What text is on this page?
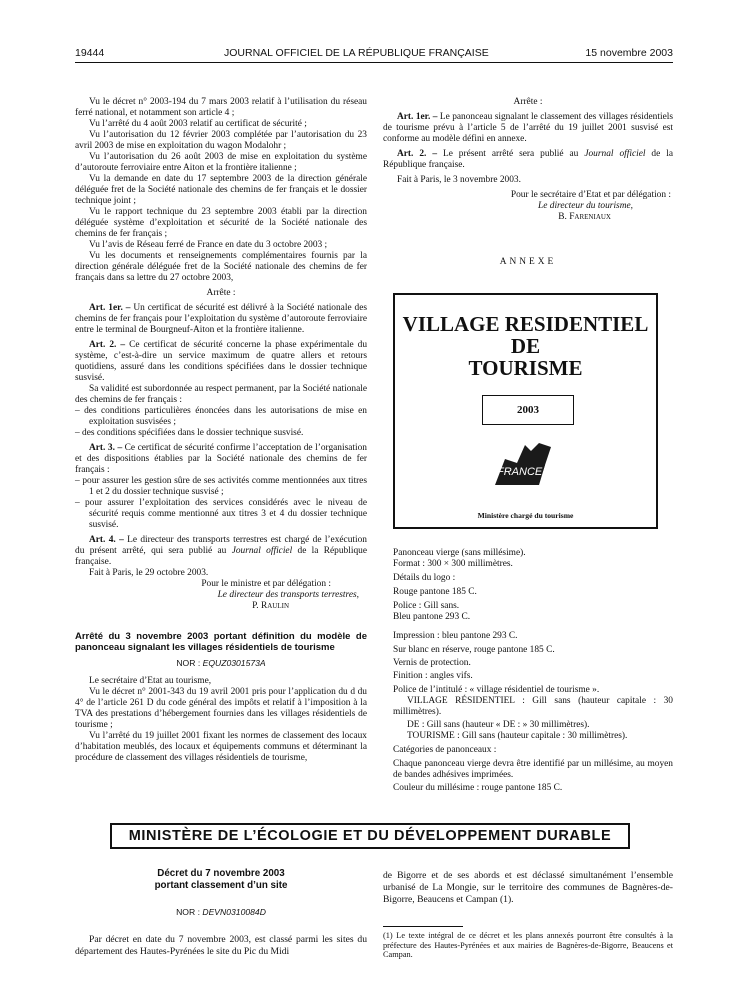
19444	JOURNAL OFFICIEL DE LA RÉPUBLIQUE FRANÇAISE	15 novembre 2003

Vu le décret n° 2003-194 du 7 mars 2003 relatif à l’utilisation du réseau ferré national, et notamment son article 4 ;

Vu l’arrêté du 4 août 2003 relatif au certificat de sécurité ;

Vu l’autorisation du 12 février 2003 complétée par l’autorisation du 23 avril 2003 de mise en exploitation du wagon Modalohr ;

Vu l’autorisation du 26 août 2003 de mise en exploitation du système d’autoroute ferroviaire entre Aiton et la frontière italienne ;

Vu la demande en date du 17 septembre 2003 de la direction générale déléguée fret de la Société nationale des chemins de fer français et le dossier technique joint ;

Vu le rapport technique du 23 septembre 2003 établi par la direction déléguée système d’exploitation et sécurité de la Société nationale des chemins de fer français ;

Vu l’avis de Réseau ferré de France en date du 3 octobre 2003 ;

Vu les documents et renseignements complémentaires fournis par la direction générale déléguée fret de la Société nationale des chemins de fer français dans sa lettre du 27 octobre 2003,

Arrête :

Art. 1er. – Un certificat de sécurité est délivré à la Société nationale des chemins de fer français pour l’exploitation du système d’autoroute ferroviaire entre le terminal de Bourgneuf-Aiton et la frontière italienne.

Art. 2. – Ce certificat de sécurité concerne la phase expérimentale du système, c’est-à-dire un service maximum de quatre allers et retours quotidiens, assuré dans les conditions spécifiées dans le dossier technique susvisé.

Sa validité est subordonnée au respect permanent, par la Société nationale des chemins de fer français :

– des conditions particulières énoncées dans les autorisations de mise en exploitation susvisées ;

– des conditions spécifiées dans le dossier technique susvisé.

Art. 3. – Ce certificat de sécurité confirme l’acceptation de l’organisation et des dispositions établies par la Société nationale des chemins de fer français :

– pour assurer les gestion sûre de ses activités comme mentionnées aux titres 1 et 2 du dossier technique susvisé ;

– pour assurer l’exploitation des services considérés avec le niveau de sécurité requis comme mentionné aux titres 3 et 4 du dossier technique susvisé.

Art. 4. – Le directeur des transports terrestres est chargé de l’exécution du présent arrêté, qui sera publié au Journal officiel de la République française.

Fait à Paris, le 29 octobre 2003.

Pour le ministre et par délégation :

Le directeur des transports terrestres,

P. Raulin

Arrêté du 3 novembre 2003 portant définition du modèle de panonceau signalant les villages résidentiels de tourisme

NOR : EQUZ0301573A

Le secrétaire d’Etat au tourisme,

Vu le décret n° 2001-343 du 19 avril 2001 pris pour l’application du d du 4° de l’article 261 D du code général des impôts et relatif à l’imposition à la TVA des prestations d’hébergement fournies dans les villages résidentiels de tourisme ;

Vu l’arrêté du 19 juillet 2001 fixant les normes de classement des locaux d’habitation meublés, des locaux et équipements communs et déterminant la procédure de classement des villages résidentiels de tourisme,

Arrête :

Art. 1er. – Le panonceau signalant le classement des villages résidentiels de tourisme prévu à l’article 5 de l’arrêté du 19 juillet 2001 susvisé est conforme au modèle défini en annexe.

Art. 2. – Le présent arrêté sera publié au Journal officiel de la République française.

Fait à Paris, le 3 novembre 2003.

Pour le secrétaire d’Etat et par délégation :

Le directeur du tourisme,

B. Fareniaux

ANNEXE

VILLAGE RESIDENTIEL
DE
TOURISME
2003
FRANCE
Ministère chargé du tourisme

Panonceau vierge (sans millésime).

Format : 300 × 300 millimètres.

Détails du logo :

Rouge pantone 185 C.

Police : Gill sans.

Bleu pantone 293 C.

Impression : bleu pantone 293 C.

Sur blanc en réserve, rouge pantone 185 C.

Vernis de protection.

Finition : angles vifs.

Police de l’intitulé : « village résidentiel de tourisme ».

VILLAGE RÉSIDENTIEL : Gill sans (hauteur capitale : 30 millimètres).

DE : Gill sans (hauteur « DE : » 30 millimètres).

TOURISME : Gill sans (hauteur capitale : 30 millimètres).

Catégories de panonceaux :

Chaque panonceau vierge devra être identifié par un millésime, au moyen de bandes adhésives imprimées.

Couleur du millésime : rouge pantone 185 C.

MINISTÈRE DE L’ÉCOLOGIE ET DU DÉVELOPPEMENT DURABLE
Décret du 7 novembre 2003
portant classement d’un site

NOR : DEVN0310084D

Par décret en date du 7 novembre 2003, est classé parmi les sites du département des Hautes-Pyrénées le site du Pic du Midi

de Bigorre et de ses abords et est déclassé simultanément l’ensemble urbanisé de La Mongie, sur le territoire des communes de Bagnères-de-Bigorre, Beaucens et Campan (1).

(1) Le texte intégral de ce décret et les plans annexés pourront être consultés à la préfecture des Hautes-Pyrénées et aux mairies de Bagnères-de-Bigorre, Beaucens et Campan.
